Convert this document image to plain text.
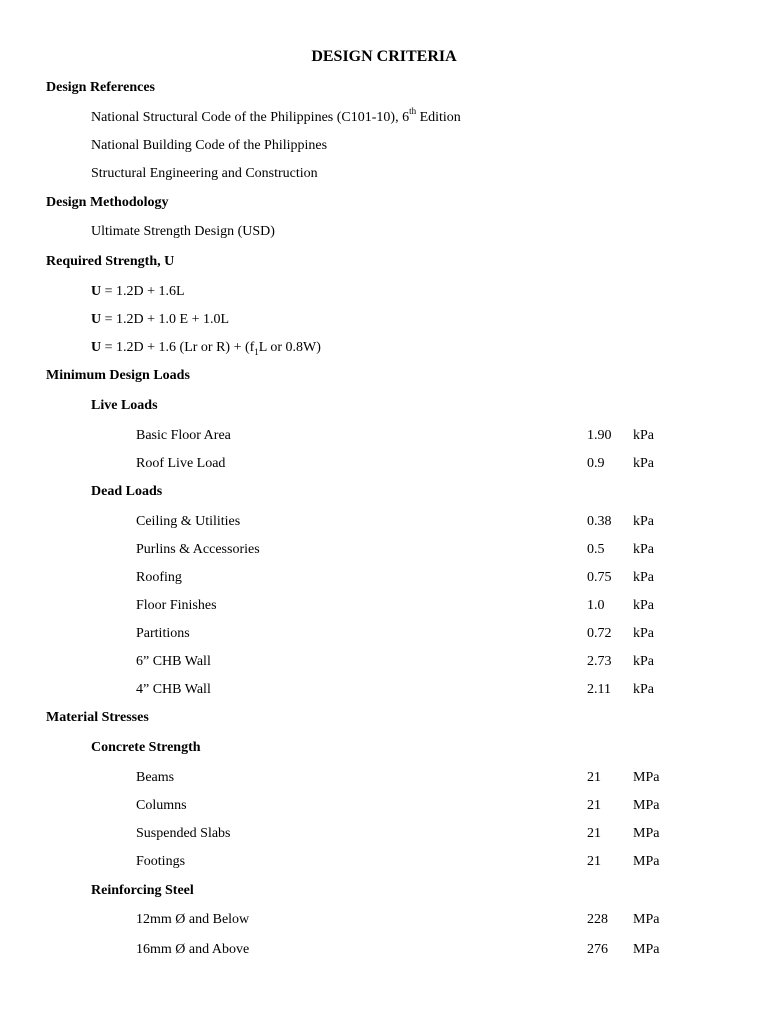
DESIGN CRITERIA
Design References
National Structural Code of the Philippines (C101-10), 6th Edition
National Building Code of the Philippines
Structural Engineering and Construction
Design Methodology
Ultimate Strength Design (USD)
Required Strength, U
U = 1.2D + 1.6L
U = 1.2D + 1.0 E + 1.0L
U = 1.2D + 1.6 (Lr or $R) + (f_1L$ or 0.8W)
Minimum Design Loads
Live Loads
Basic Floor Area	1.90 kPa
Roof Live Load	0.9 kPa
Dead Loads
Ceiling & Utilities	0.38 kPa
Purlins & Accessories	0.5 kPa
Roofing	0.75 kPa
Floor Finishes	1.0 kPa
Partitions	0.72 kPa
6” CHB Wall	2.73 kPa
4” CHB Wall	2.11 kPa
Material Stresses
Concrete Strength
Beams	21 MPa
Columns	21 MPa
Suspended Slabs	21 MPa
Footings	21 MPa
Reinforcing Steel
12mm Ø and Below	228 MPa
16mm Ø and Above	276 MPa
